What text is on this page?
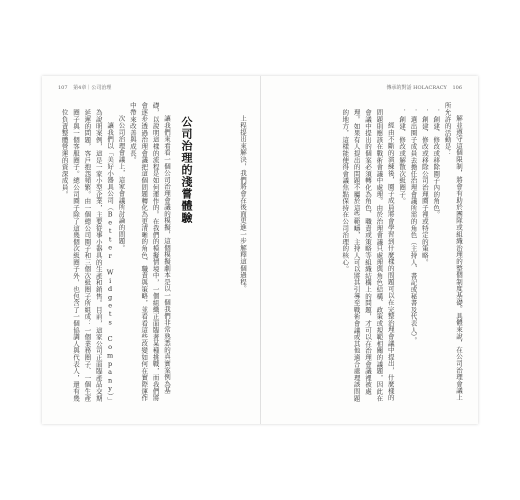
107 第4章｜公司治理	傳承的對話 HOLACRACY 106

解並遵守這個限制，將會有助於團隊或組織治理的整個制度基礎。具體來說，在公司治理會議上所允許的活動是：

．創建、修改或移除圈子內的角色。

．創建、修改或移除公司治理圈子裡或特定的策略。

．選出圈子成員去擔任治理會議所需的角色（主持人、書記或秘書及代表人）。

．創建、修改或解散次級圈子。

經由不斷的演練後，圈子成員將會學習到什麼樣的問題可以在完整治理會議中提出，什麼樣的問題則應該在戰術會議中處理。由於治理會議只處理與角色結構、政策或規範相關的議題，因此在會議中提出的個案必須轉化為角色、職責或策略等組織結構上的問題，才可以在治理會議裡被處理。如果有人提出的問題不屬於這些範疇，主持人可以將其引導至戰術會議或其他適合處理該問題的地方，這樣能使得會議焦點保持在公司治理的核心。

上程提出來解決，我們將會在後面更進一步解釋這個過程。

公司治理的淺嘗體驗

讓我們來看看一個公司治理會議的模擬，這個模擬劇本是以一個我們非常熟悉的真實案例為基礎，以說明這樣的流程是如何運作的。在我們的模擬情境中，一個組織正面臨著某種挑戰，而我們將會逐步透過治理會議把這個問題轉化為更清晰的角色、職責與策略，並看看這些改變如何在實際運作中帶來改善與成長。

次公司治理會議上，這家會議所討論的問題。

讓我們以「美好小器具公司（Better Widgets Company）」為說明案例，這是一家小型企業，主要從事小器具的生產和銷售。目前，這家公司正面臨產品交期延遲的問題，客戶抱怨頻繁。由一個總公司圈子和三個次級圈子所組成：一個業務圈子、一個生產圈子與一個客服圈子。總公司圈子除了這幾個次級圈子外，也包含了一個協調人與代表人，還有幾位負責整體營運的資深成員。
